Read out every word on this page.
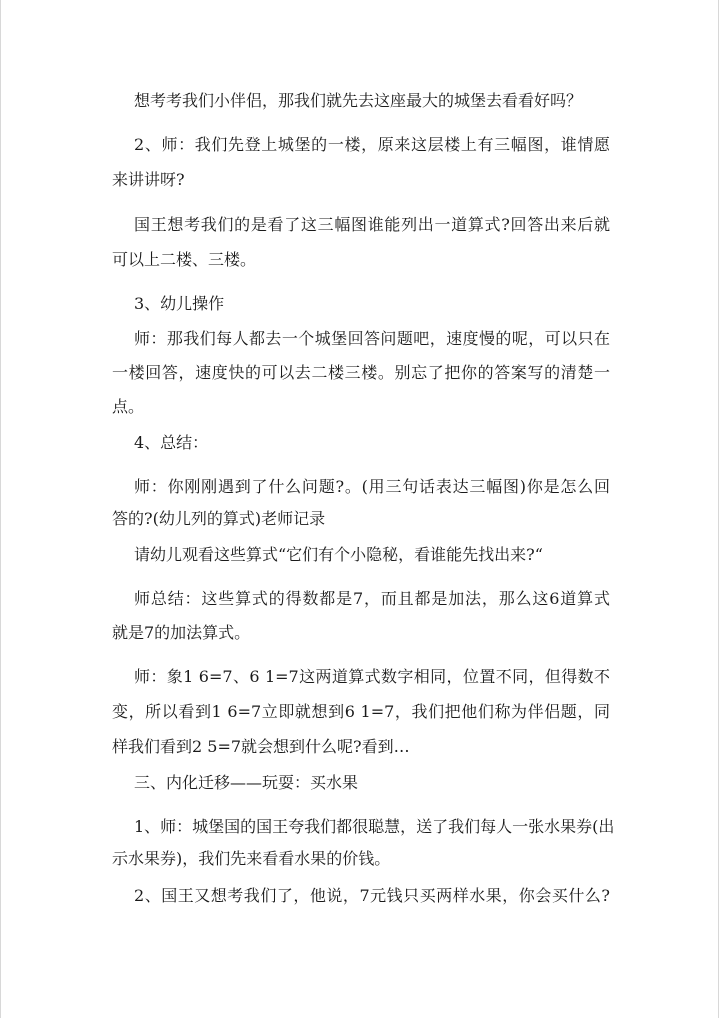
想考考我们小伴侣，那我们就先去这座最大的城堡去看看好吗？
2、师：我们先登上城堡的一楼，原来这层楼上有三幅图，谁情愿
来讲讲呀?
国王想考我们的是看了这三幅图谁能列出一道算式?回答出来后就
可以上二楼、三楼。
3、幼儿操作
师：那我们每人都去一个城堡回答问题吧，速度慢的呢，可以只在
一楼回答，速度快的可以去二楼三楼。别忘了把你的答案写的清楚一
点。
4、总结：
师：你刚刚遇到了什么问题?。(用三句话表达三幅图)你是怎么回
答的?(幼儿列的算式)老师记录
请幼儿观看这些算式“它们有个小隐秘，看谁能先找出来?“
师总结：这些算式的得数都是7，而且都是加法，那么这6道算式
就是7的加法算式。
师：象1 6=7、6 1=7这两道算式数字相同，位置不同，但得数不
变，所以看到1 6=7立即就想到6 1=7，我们把他们称为伴侣题，同
样我们看到2 5=7就会想到什么呢?看到…
三、内化迁移——玩耍：买水果
1、师：城堡国的国王夸我们都很聪慧，送了我们每人一张水果券(出
示水果券)，我们先来看看水果的价钱。
2、国王又想考我们了，他说，7元钱只买两样水果，你会买什么?
